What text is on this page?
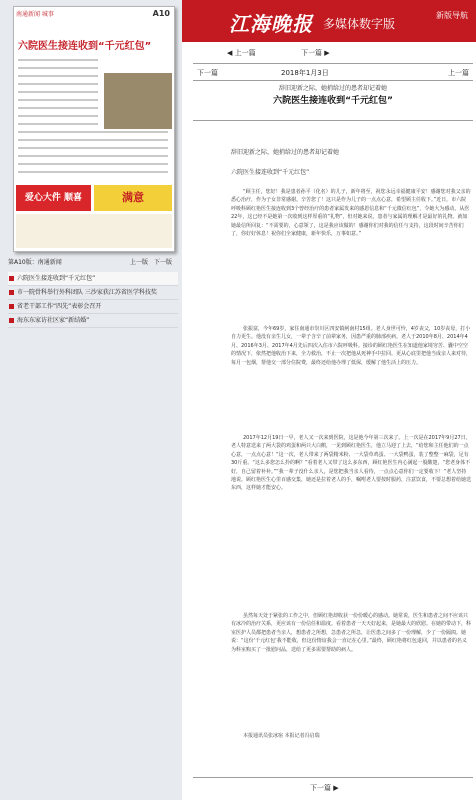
江海晚报 多媒体数字版
新版导航
南通新闻 城事	A10
六院医生接连收到“千元红包”
爱心大件 顺喜	满意
第A10版：南通新闻	上一版 下一版
六院医生接连收到“千元红包”
市一院骨科举行外科团队 三沙家获江苏省医学科技奖
省老干部工作“四先”表彰会召开
海东东家访社区家“新结婚”
◀ 上一篇	下一篇 ▶
下一篇	2018年1月3日	上一篇
辞旧迎新之际，她捎给过的患者却记着她
六院医生接连收到“千元红包”
辞旧迎新之际，她捎给过的患者却记着她
六院医生接连收到“千元红包”

“顾主任，您好！我是患者孙平（化名）的儿子，新年将至，祝您永远幸福健康平安！感谢您对我父亲的悉心治疗，作为子女非常感谢。辛苦您了！这只是作为儿子的一点点心意，希望顾主任收下。”近日，市六院呼吸科顾红艳医生接连收到3个曾经治疗的患者家属发来的感恩信息和“千元微信红包”，令她大为感动。从医22年，这已经不是她第一次收到这样厚重的“礼物”，但对她来说，患者与家属的理解才是最好的礼物。就如她最信所回复：“不需要的，心意领了，这是我应该做的！感谢你们对我的信任与支持，这段时间辛苦你们了，你好好休息！祝你们全家健康，新年快乐，万事如意。”

张振富，今年69岁，家住南通市崇川区四安镇闸南村15组。老人身世可怜，4岁丧父，10岁丧母，打小自力更生。他没有亲生儿女，一辈子含辛了前辈家务，因患严重的肺部疾病。老人于2010年8月、2014年4月、2016年3月、2017年4月先后四次入住市六院呼吸科。接诊的顾红艳医生在知道他家境穷苦、囊中空空的情况下，依然把他收治下来，全力救治，不止一次把他从死神手中拉回。更从心底里把他当成亲人来对待，每月一包烟，帮他交一部分住院费，最终还给他办理了低保，缓解了他生活上的压力。

2017年12月19日一早，老人又一次来到医院，这是他今年第三次来了。上一次是在2017年9月27日，老人特意送来了两大袋的鸡蛋和两只大白鹅，一见到顾红艳医生，他立马迎了上去，“给您和主任他们的一点心意，一点点心意！”这一次，老人带来了两袋精米粉、一大袋草鸡蛋、一大袋鸭蛋，装了整整一麻袋，足有30斤重。“这么多您怎么拎的啊？”看着老人又带了这么多东西，顾红艳医生内心满起一股酸楚，“您老身体不好，自己留着补补。”“我一辈子没什么亲人，是您把我当亲人看待，一点点心意你们一定要收下！”老人坚持地说。顾红艳医生心里百感交集，她还是拉着老人的手，嘱咐老人要按时服药，注意饮食，不要总想着给她送东西，这样她才能安心。

虽然每天处于紧张的工作之中，但顾红艳却收获一份份暖心的感动。她常说，医生和患者之间不应该只有冰冷的治疗关系，更应该有一份信任和温度。看着患者一天天好起来，是她最大的欣慰。在她的带动下，科室医护人员都把患者当亲人，想患者之所想，急患者之所急，让医患之间多了一份理解，少了一份隔阂。她说：“这份‘千元红包’我不能收，但这份情谊我会一直记在心里。”最终，顾红艳将红包退回，并以患者的名义为科室购买了一批慰问品，送给了更多需要帮助的病人。

本报通讯员张冰宿 本报记者冯启瑞

下一篇 ▶
